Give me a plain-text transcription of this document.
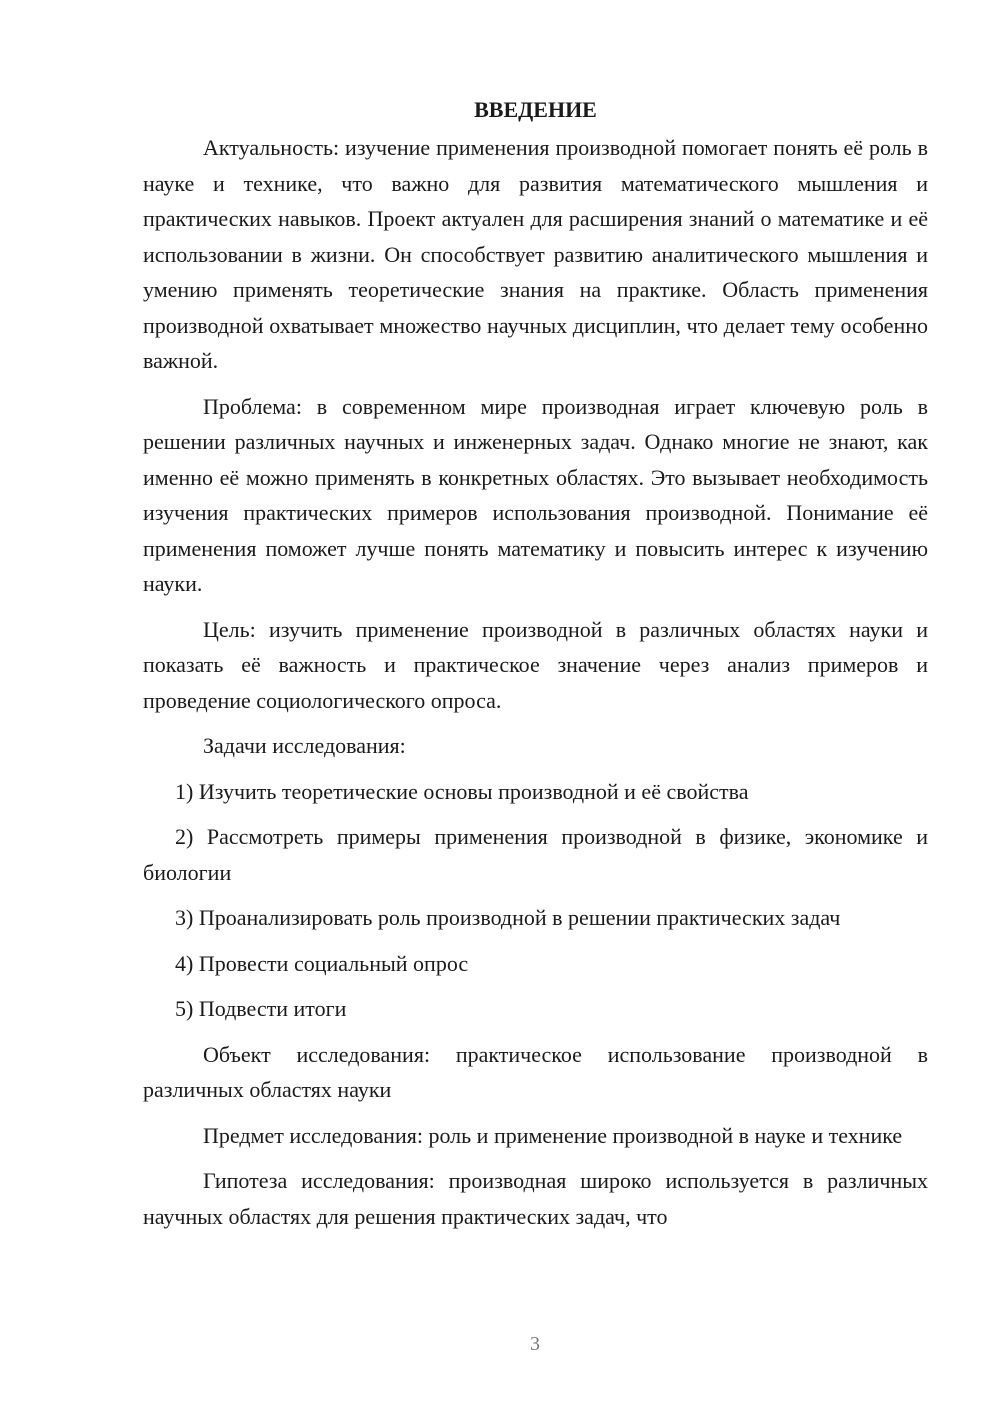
ВВЕДЕНИЕ

Актуальность: изучение применения производной помогает понять её роль в науке и технике, что важно для развития математического мышления и практических навыков. Проект актуален для расширения знаний о математике и её использовании в жизни. Он способствует развитию аналитического мышления и умению применять теоретические знания на практике. Область применения производной охватывает множество научных дисциплин, что делает тему особенно важной.

Проблема: в современном мире производная играет ключевую роль в решении различных научных и инженерных задач. Однако многие не знают, как именно её можно применять в конкретных областях. Это вызывает необходимость изучения практических примеров использования производной. Понимание её применения поможет лучше понять математику и повысить интерес к изучению науки.

Цель: изучить применение производной в различных областях науки и показать её важность и практическое значение через анализ примеров и проведение социологического опроса.

Задачи исследования:

1) Изучить теоретические основы производной и её свойства

2) Рассмотреть примеры применения производной в физике, экономике и биологии

3) Проанализировать роль производной в решении практических задач

4) Провести социальный опрос

5) Подвести итоги

Объект исследования: практическое использование производной в различных областях науки

Предмет исследования: роль и применение производной в науке и технике

Гипотеза исследования: производная широко используется в различных научных областях для решения практических задач, что

3
